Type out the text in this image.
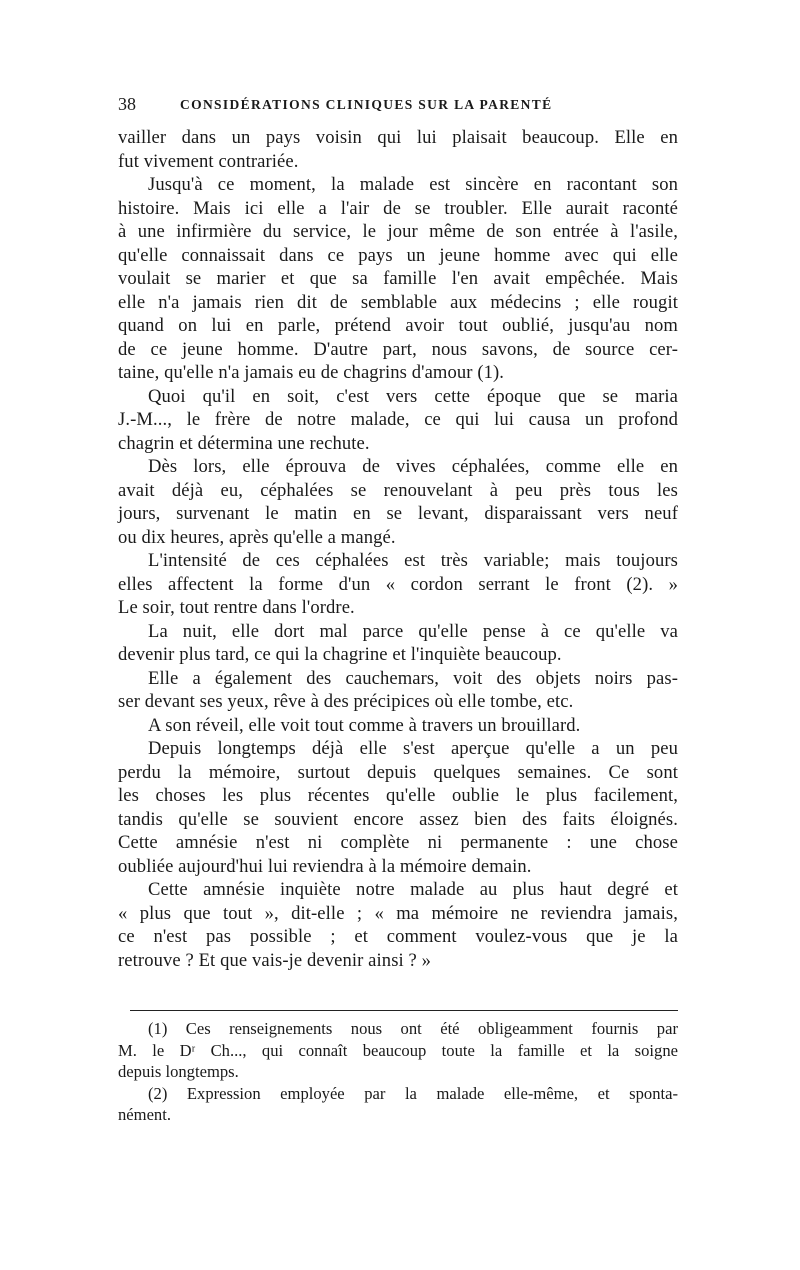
38	CONSIDÉRATIONS CLINIQUES SUR LA PARENTÉ
vailler dans un pays voisin qui lui plaisait beaucoup. Elle en
fut vivement contrariée.
Jusqu'à ce moment, la malade est sincère en racontant son
histoire. Mais ici elle a l'air de se troubler. Elle aurait raconté
à une infirmière du service, le jour même de son entrée à l'asile,
qu'elle connaissait dans ce pays un jeune homme avec qui elle
voulait se marier et que sa famille l'en avait empêchée. Mais
elle n'a jamais rien dit de semblable aux médecins ; elle rougit
quand on lui en parle, prétend avoir tout oublié, jusqu'au nom
de ce jeune homme. D'autre part, nous savons, de source cer-
taine, qu'elle n'a jamais eu de chagrins d'amour (1).
Quoi qu'il en soit, c'est vers cette époque que se maria
J.-M..., le frère de notre malade, ce qui lui causa un profond
chagrin et détermina une rechute.
Dès lors, elle éprouva de vives céphalées, comme elle en
avait déjà eu, céphalées se renouvelant à peu près tous les
jours, survenant le matin en se levant, disparaissant vers neuf
ou dix heures, après qu'elle a mangé.
L'intensité de ces céphalées est très variable; mais toujours
elles affectent la forme d'un « cordon serrant le front (2). »
Le soir, tout rentre dans l'ordre.
La nuit, elle dort mal parce qu'elle pense à ce qu'elle va
devenir plus tard, ce qui la chagrine et l'inquiète beaucoup.
Elle a également des cauchemars, voit des objets noirs pas-
ser devant ses yeux, rêve à des précipices où elle tombe, etc.
A son réveil, elle voit tout comme à travers un brouillard.
Depuis longtemps déjà elle s'est aperçue qu'elle a un peu
perdu la mémoire, surtout depuis quelques semaines. Ce sont
les choses les plus récentes qu'elle oublie le plus facilement,
tandis qu'elle se souvient encore assez bien des faits éloignés.
Cette amnésie n'est ni complète ni permanente : une chose
oubliée aujourd'hui lui reviendra à la mémoire demain.
Cette amnésie inquiète notre malade au plus haut degré et
« plus que tout », dit-elle ; « ma mémoire ne reviendra jamais,
ce n'est pas possible ; et comment voulez-vous que je la
retrouve ? Et que vais-je devenir ainsi ? »
(1) Ces renseignements nous ont été obligeamment fournis par
M. le Dʳ Ch..., qui connaît beaucoup toute la famille et la soigne
depuis longtemps.
(2) Expression employée par la malade elle-même, et sponta-
nément.
